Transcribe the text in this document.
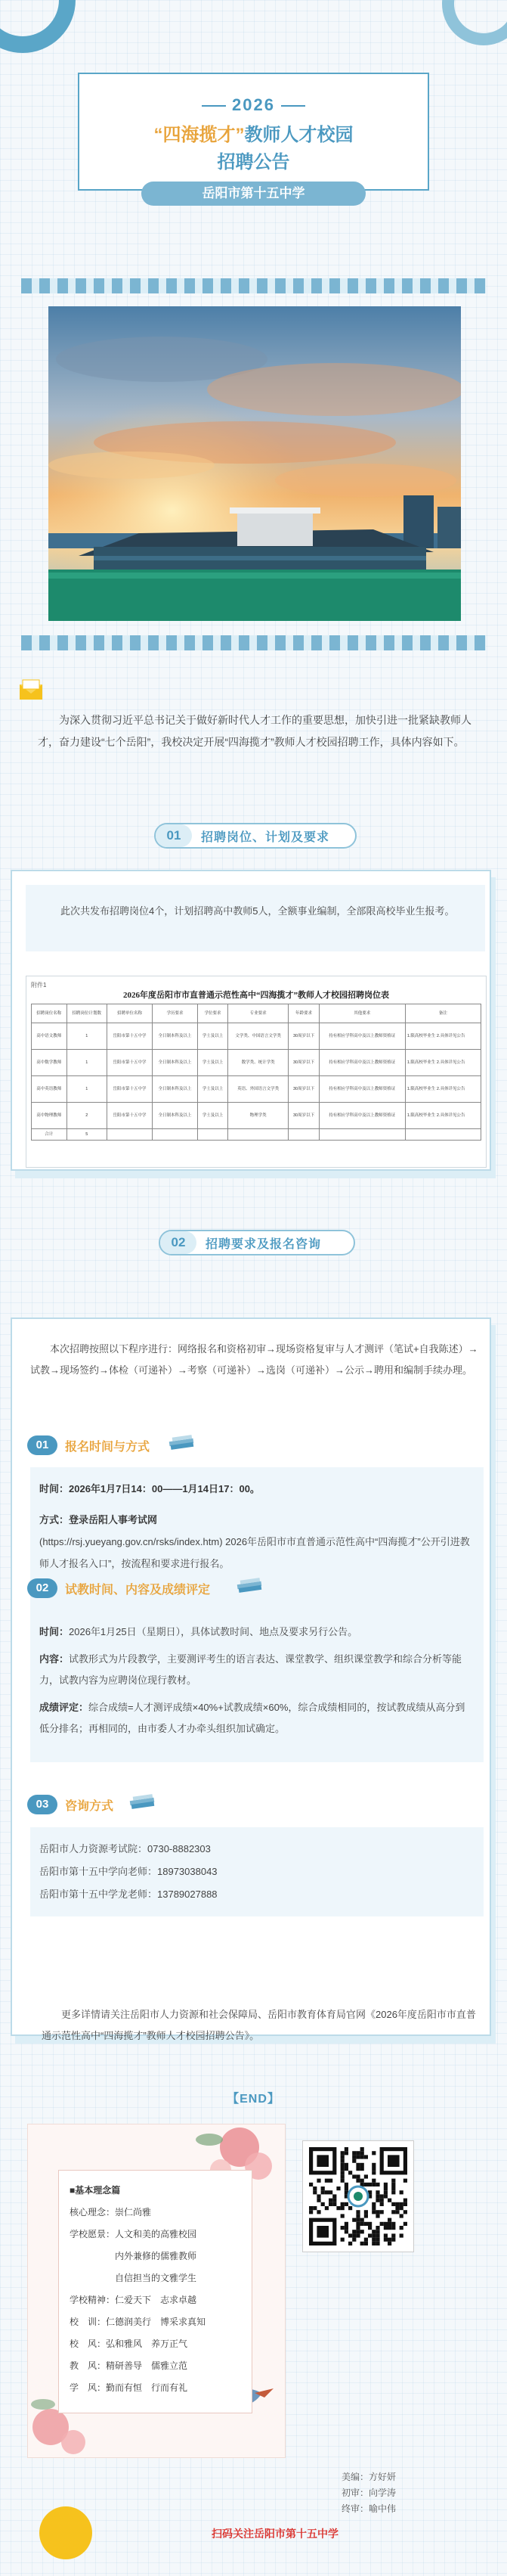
2026
“四海揽才”教师人才校园
招聘公告
岳阳市第十五中学
为深入贯彻习近平总书记关于做好新时代人才工作的重要思想，加快引进一批紧缺教师人才，奋力建设“七个岳阳”，我校决定开展“四海揽才”教师人才校园招聘工作，具体内容如下。
01	招聘岗位、计划及要求
此次共发布招聘岗位4个，计划招聘高中教师5人，全额事业编制，全部限高校毕业生报考。
附件1
2026年度岳阳市市直普通示范性高中“四海揽才”教师人才校园招聘岗位表
招聘岗位名称	招聘岗位计划数	招聘单位名称	学历要求	学位要求	专业要求	年龄要求	其他要求	备注
高中语文教师	1	岳阳市第十五中学	全日制本科及以上	学士及以上	文学类、中国语言文学类	30周岁以下	持有相应学科高中及以上教师资格证	1.限高校毕业生 2.具体详见公告
高中数学教师	1	岳阳市第十五中学	全日制本科及以上	学士及以上	数学类、统计学类	30周岁以下	持有相应学科高中及以上教师资格证	1.限高校毕业生 2.具体详见公告
高中英语教师	1	岳阳市第十五中学	全日制本科及以上	学士及以上	英语、外国语言文学类	30周岁以下	持有相应学科高中及以上教师资格证	1.限高校毕业生 2.具体详见公告
高中物理教师	2	岳阳市第十五中学	全日制本科及以上	学士及以上	物理学类	30周岁以下	持有相应学科高中及以上教师资格证	1.限高校毕业生 2.具体详见公告
合计	5							
02	招聘要求及报名咨询
本次招聘按照以下程序进行：网络报名和资格初审→现场资格复审与人才测评（笔试+自我陈述）→试教→现场签约→体检（可递补）→考察（可递补）→选岗（可递补）→公示→聘用和编制手续办理。
01	报名时间与方式
时间：2026年1月7日14：00——1月14日17：00。
方式：登录岳阳人事考试网
(https://rsj.yueyang.gov.cn/rsks/index.htm) 2026年岳阳市市直普通示范性高中“四海揽才”公开引进教师人才报名入口”，按流程和要求进行报名。
02	试教时间、内容及成绩评定
时间：2026年1月25日（星期日），具体试教时间、地点及要求另行公告。
内容：试教形式为片段教学，主要测评考生的语言表达、课堂教学、组织课堂教学和综合分析等能力，试教内容为应聘岗位现行教材。
成绩评定：综合成绩=人才测评成绩×40%+试教成绩×60%，综合成绩相同的，按试教成绩从高分到低分排名；再相同的，由市委人才办牵头组织加试确定。
03	咨询方式
岳阳市人力资源考试院：0730-8882303
岳阳市第十五中学向老师：18973038043
岳阳市第十五中学龙老师：13789027888
更多详情请关注岳阳市人力资源和社会保障局、岳阳市教育体育局官网《2026年度岳阳市市直普通示范性高中“四海揽才”教师人才校园招聘公告》。
【END】
■基本理念篇
核心理念：崇仁尚雅
学校愿景：人文和美的高雅校园
内外兼修的儒雅教师
自信担当的文雅学生
学校精神：仁爱天下　志求卓越
校　训：仁德润美行　博采求真知
校　风：弘和雅风　养万正气
教　风：精研善导　儒雅立范
学　风：勤而有恒　行而有礼
美编：方好妍
初审：向学涛
终审：喻中伟
扫码关注岳阳市第十五中学
